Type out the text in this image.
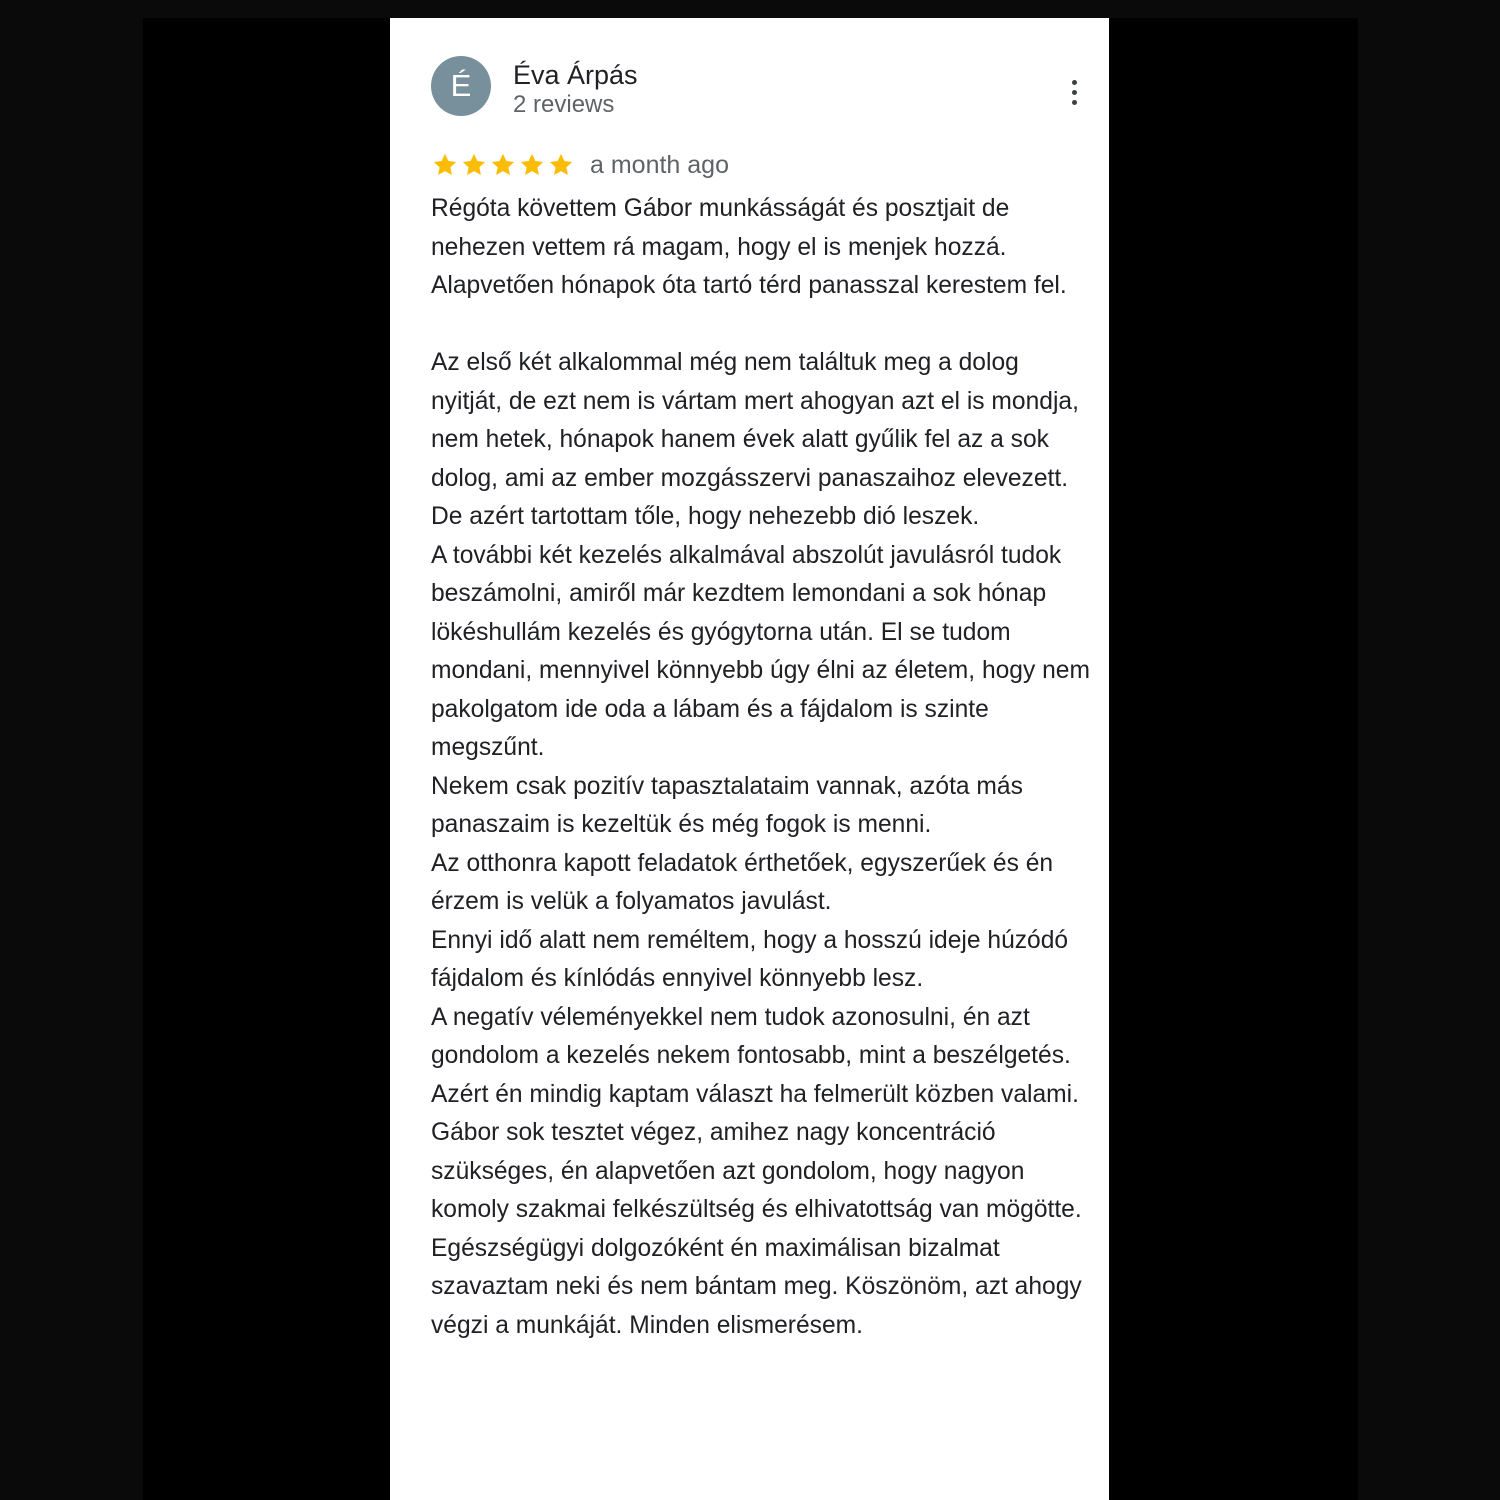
É	Éva Árpás
2 reviews
a month ago

Régóta követtem Gábor munkásságát és posztjait de nehezen vettem rá magam, hogy el is menjek hozzá. Alapvetően hónapok óta tartó térd panasszal kerestem fel.

Az első két alkalommal még nem találtuk meg a dolog nyitját, de ezt nem is vártam mert ahogyan azt el is mondja, nem hetek, hónapok hanem évek alatt gyűlik fel az a sok dolog, ami az ember mozgásszervi panaszaihoz elevezett.

De azért tartottam tőle, hogy nehezebb dió leszek.

A további két kezelés alkalmával abszolút javulásról tudok beszámolni, amiről már kezdtem lemondani a sok hónap lökéshullám kezelés és gyógytorna után. El se tudom mondani, mennyivel könnyebb úgy élni az életem, hogy nem pakolgatom ide oda a lábam és a fájdalom is szinte megszűnt.

Nekem csak pozitív tapasztalataim vannak, azóta más panaszaim is kezeltük és még fogok is menni.

Az otthonra kapott feladatok érthetőek, egyszerűek és én érzem is velük a folyamatos javulást.

Ennyi idő alatt nem reméltem, hogy a hosszú ideje húzódó fájdalom és kínlódás ennyivel könnyebb lesz.

A negatív véleményekkel nem tudok azonosulni, én azt gondolom a kezelés nekem fontosabb, mint a beszélgetés. Azért én mindig kaptam választ ha felmerült közben valami.

Gábor sok tesztet végez, amihez nagy koncentráció szükséges, én alapvetően azt gondolom, hogy nagyon komoly szakmai felkészültség és elhivatottság van mögötte.

Egészségügyi dolgozóként én maximálisan bizalmat szavaztam neki és nem bántam meg. Köszönöm, azt ahogy végzi a munkáját. Minden elismerésem.
